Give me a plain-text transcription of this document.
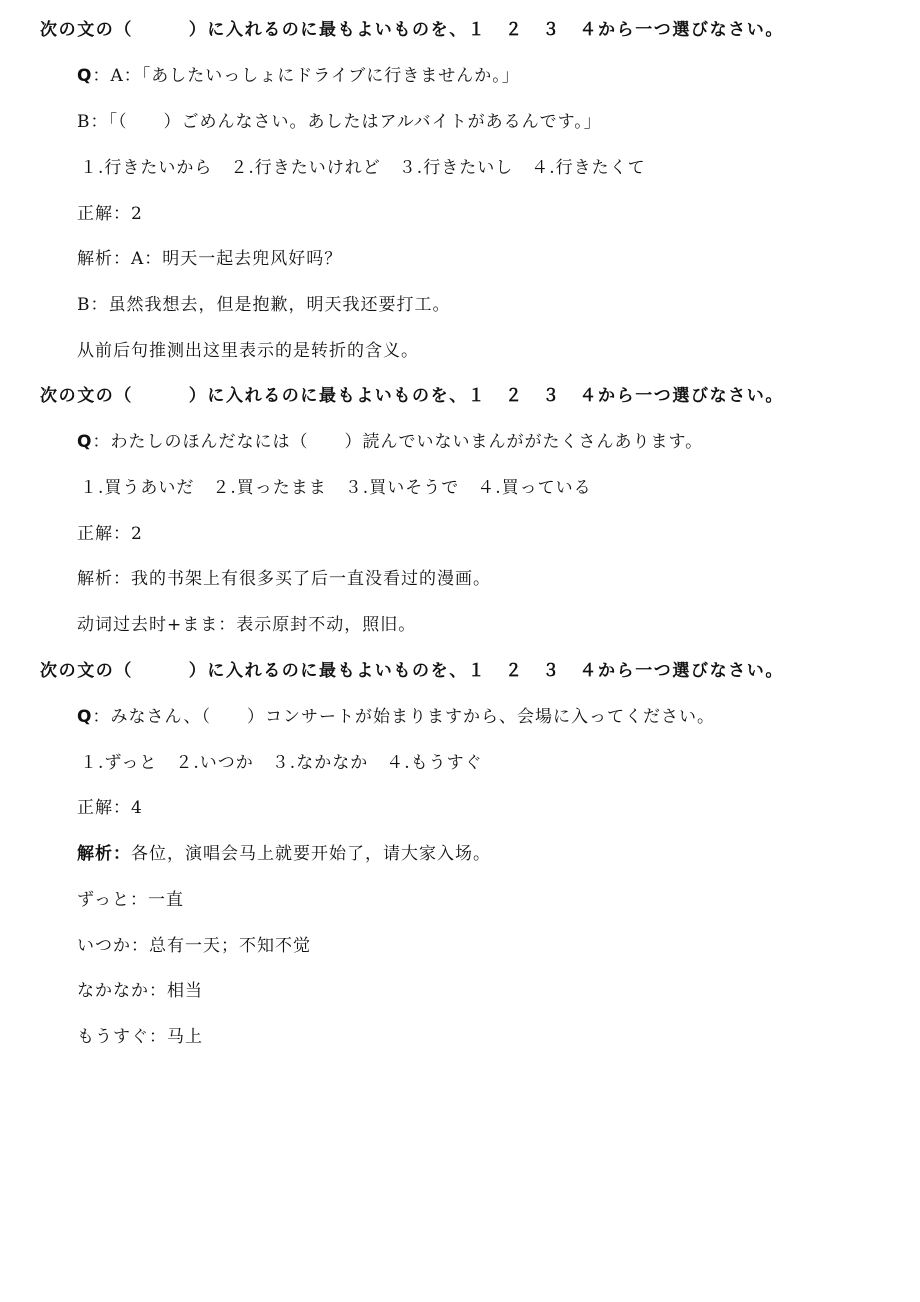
次の文の（　　　）に入れるのに最もよいものを、１　２　３　４から一つ選びなさい。
Q：A：「あしたいっしょにドライブに行きませんか。」
B：「（　　）ごめんなさい。あしたはアルバイトがあるんです。」
１.行きたいから　２.行きたいけれど　３.行きたいし　４.行きたくて
正解：2
解析：A：明天一起去兜风好吗？
B：虽然我想去，但是抱歉，明天我还要打工。
从前后句推测出这里表示的是转折的含义。
次の文の（　　　）に入れるのに最もよいものを、１　２　３　４から一つ選びなさい。
Q：わたしのほんだなには（　　）読んでいないまんががたくさんあります。
１.買うあいだ　２.買ったまま　３.買いそうで　４.買っている
正解：2
解析：我的书架上有很多买了后一直没看过的漫画。
动词过去时+まま：表示原封不动，照旧。
次の文の（　　　）に入れるのに最もよいものを、１　２　３　４から一つ選びなさい。
Q：みなさん、（　　）コンサートが始まりますから、会場に入ってください。
１.ずっと　２.いつか　３.なかなか　４.もうすぐ
正解：4
解析：各位，演唱会马上就要开始了，请大家入场。
ずっと：一直
いつか：总有一天；不知不觉
なかなか：相当
もうすぐ：马上
